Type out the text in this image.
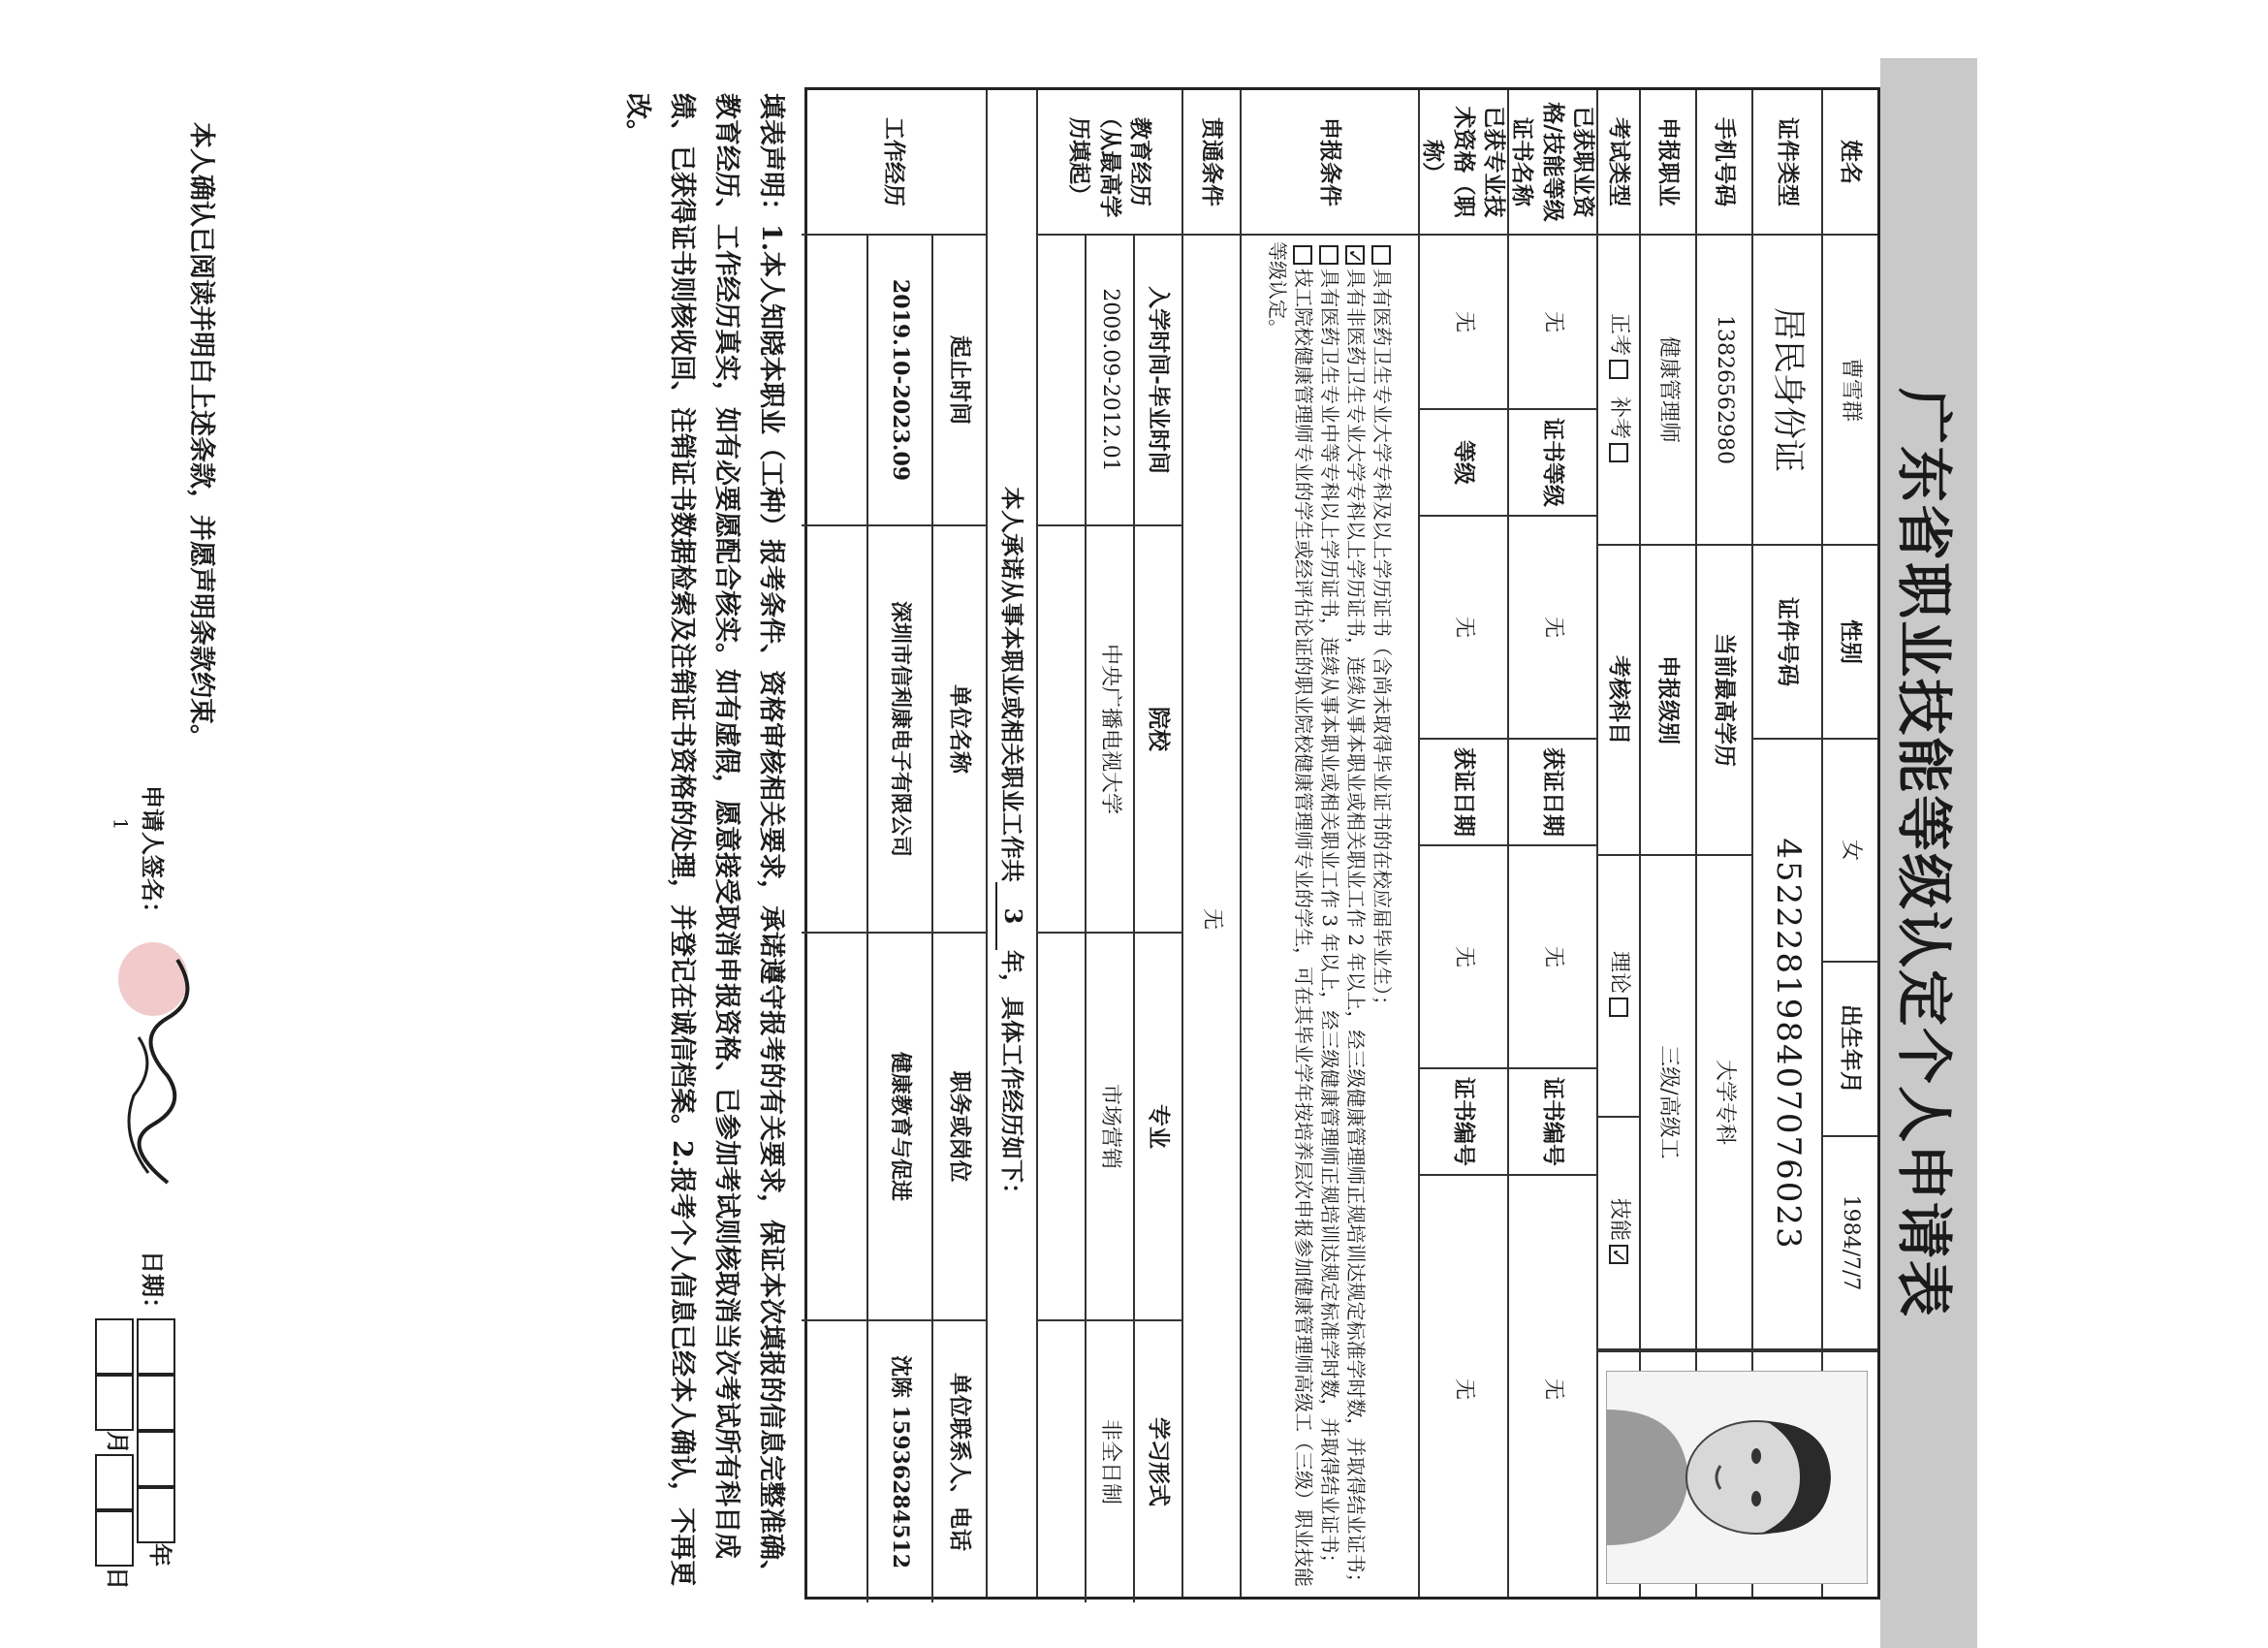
广东省职业技能等级认定个人申请表
姓名
曹雪群
性别
女
出生年月
1984/7/7
证件类型
居民身份证
证件号码
452228198407076023
手机号码
13826562980
当前最高学历
大学专科
申报职业
健康管理师
申报级别
三级/高级工
考试类型
正考

补考
考核科目
理论
技能
✓
已获职业资格/技能等级证书名称
无
证书等级
无
获证日期
无
证书编号
无
已获专业技术资格（职称）
无
等级
无
获证日期
无
证书编号
无
申报条件
具有医药卫生专业大学专科及以上学历证书（含尚未取得毕业证书的在校应届毕业生）；
✓具有非医药卫生专业大学专科以上学历证书，连续从事本职业或相关职业工作 2 年以上，经三级健康管理师正规培训达规定标准学时数，并取得结业证书；
具有医药卫生专业中等专科以上学历证书，连续从事本职业或相关职业工作 3 年以上，经三级健康管理师正规培训达规定标准学时数，并取得结业证书；
技工院校健康管理师专业的学生或经评估论证的职业院校健康管理师专业的学生，可在其毕业学年按培养层次申报参加健康管理师高级工（三级）职业技能等级认定。
贯通条件
无
教育经历（从最高学历填起）
入学时间-毕业时间
院校
专业
学习形式
2009.09-2012.01
中央广播电视大学
市场营销
非全日制
本人承诺从事本职业或相关职业工作共
3
年，具体工作经历如下：
工作经历
起止时间
单位名称
职务或岗位
单位联系人、电话
2019.10-2023.09
深圳市信利康电子有限公司
健康教育与促进
沈陈 15936284512
填表声明：1.本人知晓本职业（工种）报考条件、资格审核相关要求，承诺遵守报考的有关要求，保证本次填报的信息完整准确、教育经历、工作经历真实，如有必要愿配合核实。如有虚假，愿意接受取消申报资格、已参加考试则核取消当次考试所有科目成绩、已获得证书则核收回、注销证书数据检索及注销证书资格的处理，并登记在诚信档案。2.报考个人信息已经本人确认，不再更改。
本人确认已阅读并明白上述条款，并愿声明条款约束。
申请人签名：
日期：
年月日
1
